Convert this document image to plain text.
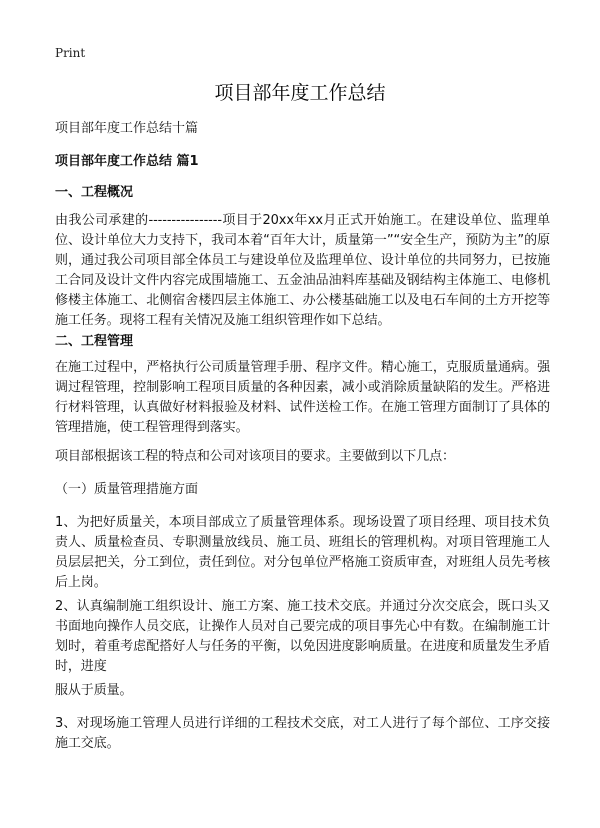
Print
项目部年度工作总结

项目部年度工作总结十篇

项目部年度工作总结 篇1

一、工程概况

由我公司承建的----------------项目于20xx年xx月正式开始施工。在建设单位、监理单位、设计单位大力支持下，我司本着“百年大计，质量第一”“安全生产，预防为主”的原则，通过我公司项目部全体员工与建设单位及监理单位、设计单位的共同努力，已按施工合同及设计文件内容完成围墙施工、五金油品油料库基础及钢结构主体施工、电修机修楼主体施工、北侧宿舍楼四层主体施工、办公楼基础施工以及电石车间的土方开挖等施工任务。现将工程有关情况及施工组织管理作如下总结。

二、工程管理

在施工过程中，严格执行公司质量管理手册、程序文件。精心施工，克服质量通病。强调过程管理，控制影响工程项目质量的各种因素，减小或消除质量缺陷的发生。严格进行材料管理，认真做好材料报验及材料、试件送检工作。在施工管理方面制订了具体的管理措施，使工程管理得到落实。

项目部根据该工程的特点和公司对该项目的要求。主要做到以下几点：

（一）质量管理措施方面

1、为把好质量关，本项目部成立了质量管理体系。现场设置了项目经理、项目技术负责人、质量检查员、专职测量放线员、施工员、班组长的管理机构。对项目管理施工人员层层把关，分工到位，责任到位。对分包单位严格施工资质审查，对班组人员先考核后上岗。

2、认真编制施工组织设计、施工方案、施工技术交底。并通过分次交底会，既口头又书面地向操作人员交底，让操作人员对自己要完成的项目事先心中有数。在编制施工计划时，着重考虑配搭好人与任务的平衡，以免因进度影响质量。在进度和质量发生矛盾时，进度

服从于质量。

3、对现场施工管理人员进行详细的工程技术交底，对工人进行了每个部位、工序交接施工交底。
